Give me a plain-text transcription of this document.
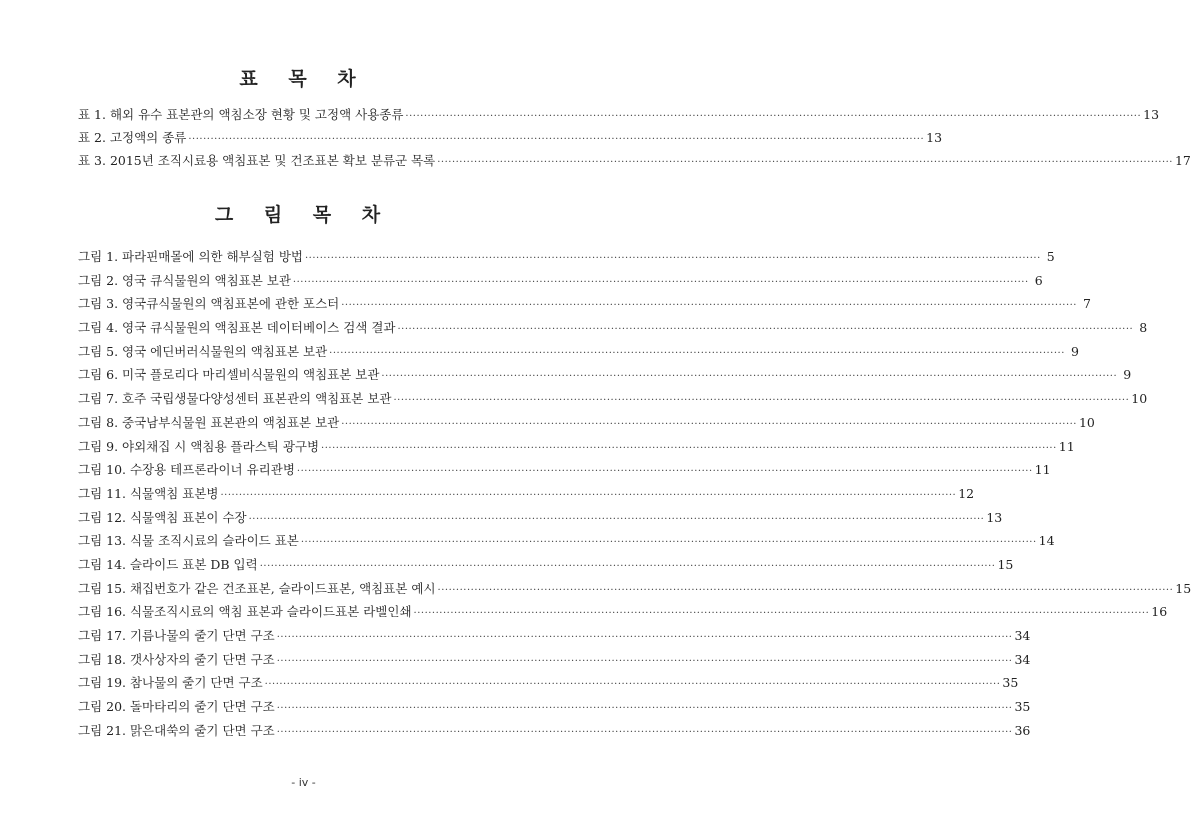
표 목 차
표 1. 해외 유수 표본관의 액침소장 현황 및 고정액 사용종류 ········································································································································································································ 13
표 2. 고정액의 종류 ········································································································································································································ 13
표 3. 2015년 조직시료용 액침표본 및 건조표본 확보 분류군 목록 ········································································································································································································ 17
그 림 목 차
그림 1. 파라핀매몰에 의한 해부실험 방법 ········································································································································································································ 5
그림 2. 영국 큐식물원의 액침표본 보관 ········································································································································································································ 6
그림 3. 영국큐식물원의 액침표본에 관한 포스터 ········································································································································································································ 7
그림 4. 영국 큐식물원의 액침표본 데이터베이스 검색 결과 ········································································································································································································ 8
그림 5. 영국 에딘버러식물원의 액침표본 보관 ········································································································································································································ 9
그림 6. 미국 플로리다 마리셀비식물원의 액침표본 보관 ········································································································································································································ 9
그림 7. 호주 국립생물다양성센터 표본관의 액침표본 보관 ········································································································································································································ 10
그림 8. 중국남부식물원 표본관의 액침표본 보관 ········································································································································································································ 10
그림 9. 야외채집 시 액침용 플라스틱 광구병 ········································································································································································································ 11
그림 10. 수장용 테프론라이너 유리관병 ········································································································································································································ 11
그림 11. 식물액침 표본병 ········································································································································································································ 12
그림 12. 식물액침 표본이 수장 ········································································································································································································ 13
그림 13. 식물 조직시료의 슬라이드 표본 ········································································································································································································ 14
그림 14. 슬라이드 표본 DB 입력 ········································································································································································································ 15
그림 15. 채집번호가 같은 건조표본, 슬라이드표본, 액침표본 예시 ········································································································································································································ 15
그림 16. 식물조직시료의 액침 표본과 슬라이드표본 라벨인쇄 ········································································································································································································ 16
그림 17. 기름나물의 줄기 단면 구조 ········································································································································································································ 34
그림 18. 갯사상자의 줄기 단면 구조 ········································································································································································································ 34
그림 19. 참나물의 줄기 단면 구조 ········································································································································································································ 35
그림 20. 돌마타리의 줄기 단면 구조 ········································································································································································································ 35
그림 21. 맑은대쑥의 줄기 단면 구조 ········································································································································································································ 36
- iv -
